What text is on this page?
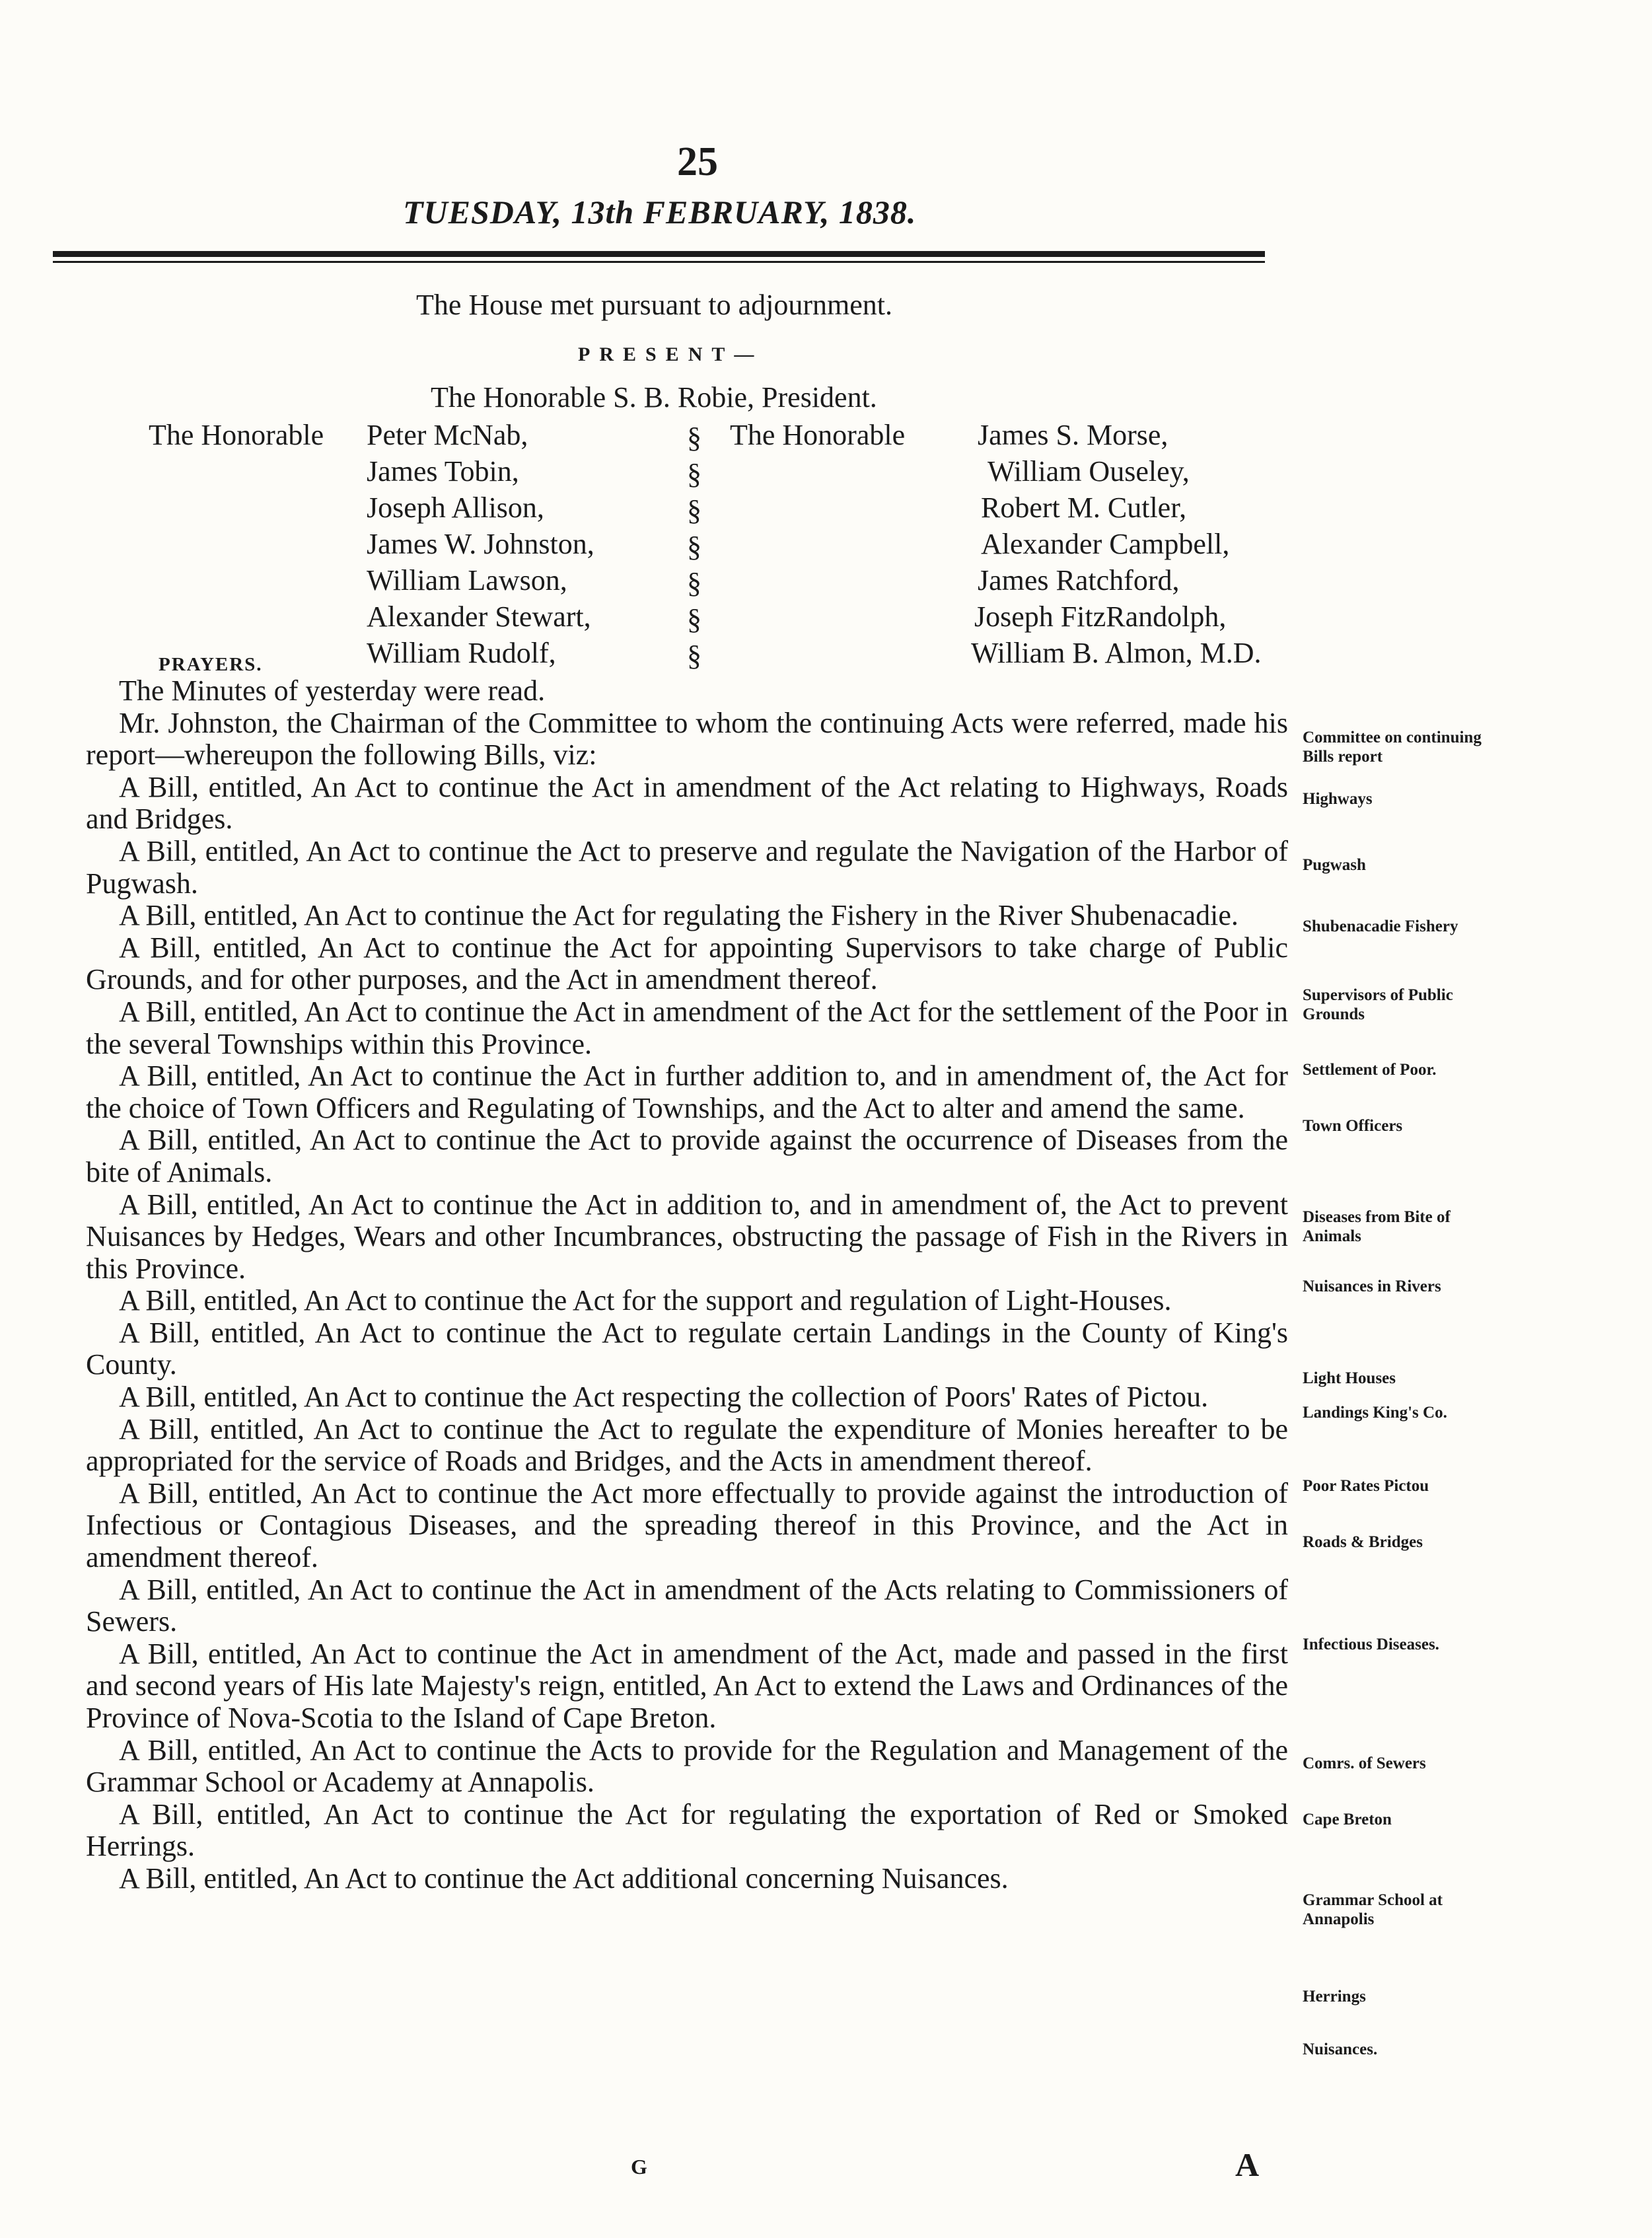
25
TUESDAY, 13th FEBRUARY, 1838.
The House met pursuant to adjournment.
PRESENT—
The Honorable S. B. Robie, President.
The Honorable	The Honorable
Peter McNab,
James Tobin,
Joseph Allison,
James W. Johnston,
William Lawson,
Alexander Stewart,
William Rudolf,
§
§
§
§
§
§
§
James S. Morse,
William Ouseley,
Robert M. Cutler,
Alexander Campbell,
James Ratchford,
Joseph FitzRandolph,
William B. Almon, M.D.
PRAYERS.

The Minutes of yesterday were read.

Mr. Johnston, the Chairman of the Committee to whom the continuing Acts were referred, made his report—whereupon the following Bills, viz:

A Bill, entitled, An Act to continue the Act in amendment of the Act relating to Highways, Roads and Bridges.

A Bill, entitled, An Act to continue the Act to preserve and regulate the Navigation of the Harbor of Pugwash.

A Bill, entitled, An Act to continue the Act for regulating the Fishery in the River Shubenacadie.

A Bill, entitled, An Act to continue the Act for appointing Supervisors to take charge of Public Grounds, and for other purposes, and the Act in amendment thereof.

A Bill, entitled, An Act to continue the Act in amendment of the Act for the settlement of the Poor in the several Townships within this Province.

A Bill, entitled, An Act to continue the Act in further addition to, and in amendment of, the Act for the choice of Town Officers and Regulating of Townships, and the Act to alter and amend the same.

A Bill, entitled, An Act to continue the Act to provide against the occurrence of Diseases from the bite of Animals.

A Bill, entitled, An Act to continue the Act in addition to, and in amendment of, the Act to prevent Nuisances by Hedges, Wears and other Incumbrances, obstructing the passage of Fish in the Rivers in this Province.

A Bill, entitled, An Act to continue the Act for the support and regulation of Light-Houses.

A Bill, entitled, An Act to continue the Act to regulate certain Landings in the County of King's County.

A Bill, entitled, An Act to continue the Act respecting the collection of Poors' Rates of Pictou.

A Bill, entitled, An Act to continue the Act to regulate the expenditure of Monies hereafter to be appropriated for the service of Roads and Bridges, and the Acts in amendment thereof.

A Bill, entitled, An Act to continue the Act more effectually to provide against the introduction of Infectious or Contagious Diseases, and the spreading thereof in this Province, and the Act in amendment thereof.

A Bill, entitled, An Act to continue the Act in amendment of the Acts relating to Commissioners of Sewers.

A Bill, entitled, An Act to continue the Act in amendment of the Act, made and passed in the first and second years of His late Majesty's reign, entitled, An Act to extend the Laws and Ordinances of the Province of Nova-Scotia to the Island of Cape Breton.

A Bill, entitled, An Act to continue the Acts to provide for the Regulation and Management of the Grammar School or Academy at Annapolis.

A Bill, entitled, An Act to continue the Act for regulating the exportation of Red or Smoked Herrings.

A Bill, entitled, An Act to continue the Act additional concerning Nuisances.

Committee on continuing Bills report
Highways
Pugwash
Shubenacadie Fishery
Supervisors of Public Grounds
Settlement of Poor.
Town Officers
Diseases from Bite of Animals
Nuisances in Rivers
Light Houses
Landings King's Co.
Poor Rates Pictou
Roads & Bridges
Infectious Diseases.
Comrs. of Sewers
Cape Breton
Grammar School at Annapolis
Herrings
Nuisances.
G	A
